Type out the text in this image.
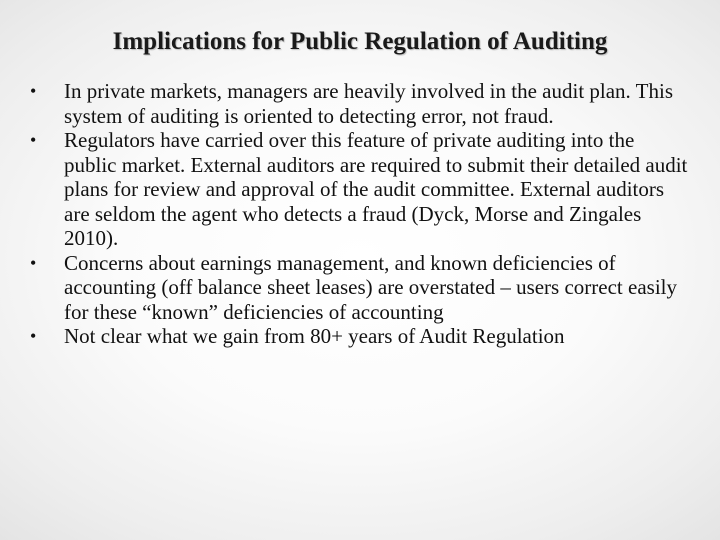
Implications for Public Regulation of Auditing
•	In private markets, managers are heavily involved in the audit plan. This system of auditing is oriented to detecting error, not fraud.
•	Regulators have carried over this feature of private auditing into the public market. External auditors are required to submit their detailed audit plans for review and approval of the audit committee. External auditors are seldom the agent who detects a fraud (Dyck, Morse and Zingales 2010).
•	Concerns about earnings management, and known deficiencies of accounting (off balance sheet leases) are overstated – users correct easily for these “known” deficiencies of accounting
•	Not clear what we gain from 80+ years of Audit Regulation
